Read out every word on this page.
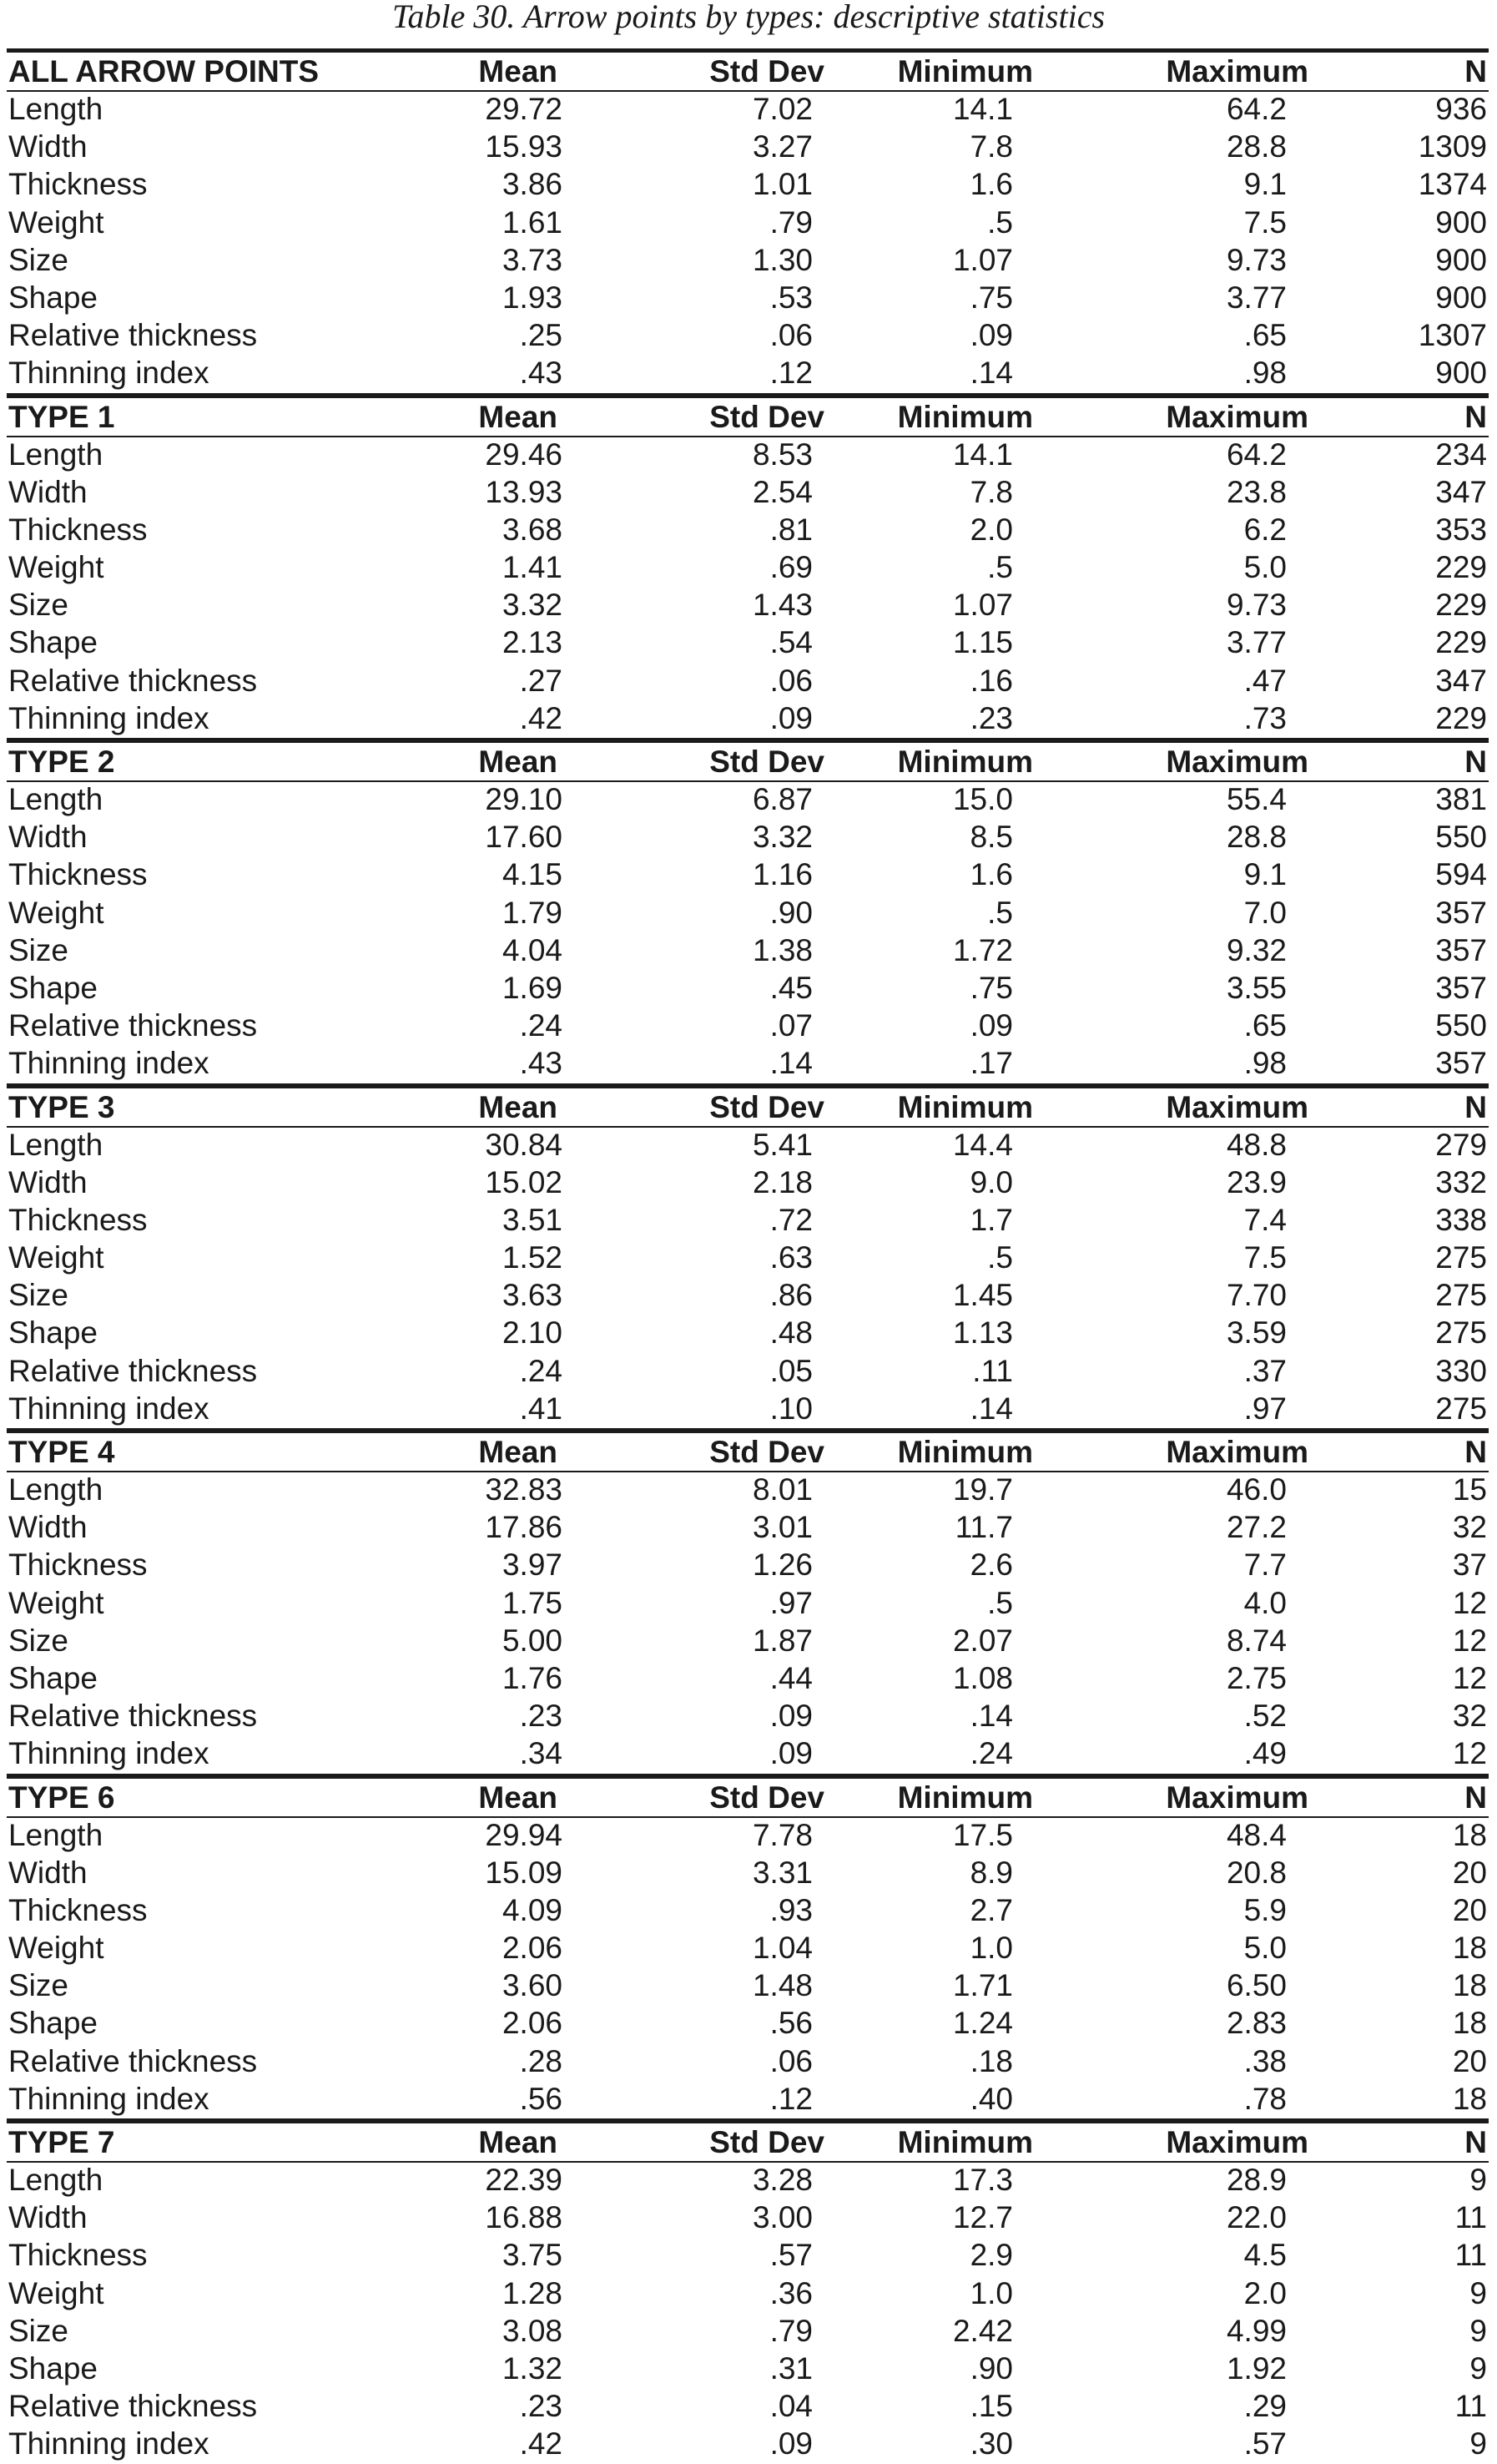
Table 30. Arrow points by types: descriptive statistics
ALL ARROW POINTS	Mean	Std Dev	Minimum	Maximum	N
Length	29.72	7.02	14.1	64.2	936
Width	15.93	3.27	7.8	28.8	1309
Thickness	3.86	1.01	1.6	9.1	1374
Weight	1.61	.79	.5	7.5	900
Size	3.73	1.30	1.07	9.73	900
Shape	1.93	.53	.75	3.77	900
Relative thickness	.25	.06	.09	.65	1307
Thinning index	.43	.12	.14	.98	900
TYPE 1	Mean	Std Dev	Minimum	Maximum	N
Length	29.46	8.53	14.1	64.2	234
Width	13.93	2.54	7.8	23.8	347
Thickness	3.68	.81	2.0	6.2	353
Weight	1.41	.69	.5	5.0	229
Size	3.32	1.43	1.07	9.73	229
Shape	2.13	.54	1.15	3.77	229
Relative thickness	.27	.06	.16	.47	347
Thinning index	.42	.09	.23	.73	229
TYPE 2	Mean	Std Dev	Minimum	Maximum	N
Length	29.10	6.87	15.0	55.4	381
Width	17.60	3.32	8.5	28.8	550
Thickness	4.15	1.16	1.6	9.1	594
Weight	1.79	.90	.5	7.0	357
Size	4.04	1.38	1.72	9.32	357
Shape	1.69	.45	.75	3.55	357
Relative thickness	.24	.07	.09	.65	550
Thinning index	.43	.14	.17	.98	357
TYPE 3	Mean	Std Dev	Minimum	Maximum	N
Length	30.84	5.41	14.4	48.8	279
Width	15.02	2.18	9.0	23.9	332
Thickness	3.51	.72	1.7	7.4	338
Weight	1.52	.63	.5	7.5	275
Size	3.63	.86	1.45	7.70	275
Shape	2.10	.48	1.13	3.59	275
Relative thickness	.24	.05	.11	.37	330
Thinning index	.41	.10	.14	.97	275
TYPE 4	Mean	Std Dev	Minimum	Maximum	N
Length	32.83	8.01	19.7	46.0	15
Width	17.86	3.01	11.7	27.2	32
Thickness	3.97	1.26	2.6	7.7	37
Weight	1.75	.97	.5	4.0	12
Size	5.00	1.87	2.07	8.74	12
Shape	1.76	.44	1.08	2.75	12
Relative thickness	.23	.09	.14	.52	32
Thinning index	.34	.09	.24	.49	12
TYPE 6	Mean	Std Dev	Minimum	Maximum	N
Length	29.94	7.78	17.5	48.4	18
Width	15.09	3.31	8.9	20.8	20
Thickness	4.09	.93	2.7	5.9	20
Weight	2.06	1.04	1.0	5.0	18
Size	3.60	1.48	1.71	6.50	18
Shape	2.06	.56	1.24	2.83	18
Relative thickness	.28	.06	.18	.38	20
Thinning index	.56	.12	.40	.78	18
TYPE 7	Mean	Std Dev	Minimum	Maximum	N
Length	22.39	3.28	17.3	28.9	9
Width	16.88	3.00	12.7	22.0	11
Thickness	3.75	.57	2.9	4.5	11
Weight	1.28	.36	1.0	2.0	9
Size	3.08	.79	2.42	4.99	9
Shape	1.32	.31	.90	1.92	9
Relative thickness	.23	.04	.15	.29	11
Thinning index	.42	.09	.30	.57	9
